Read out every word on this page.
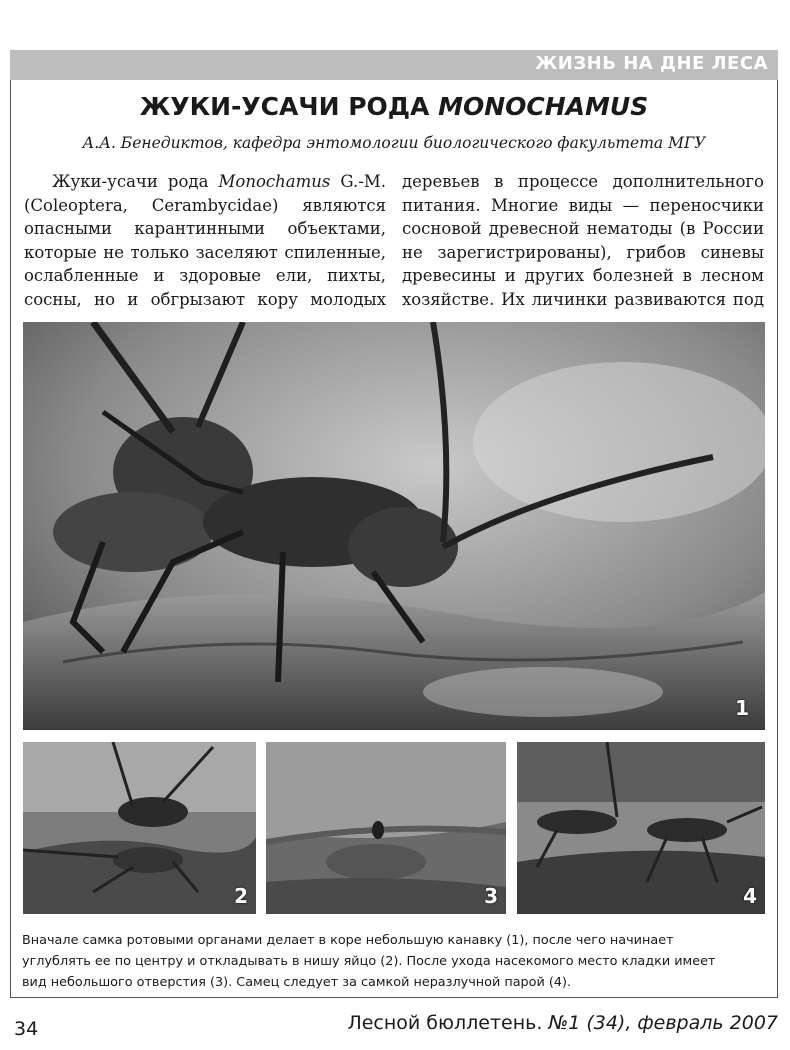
ЖИЗНЬ НА ДНЕ ЛЕСА
ЖУКИ-УСАЧИ РОДА MONOCHAMUS
А.А. Бенедиктов, кафедра энтомологии биологического факультета МГУ
Жуки-усачи рода Monochamus G.-M.
(Coleoptera, Cerambycidae) являются
опасными карантинными объектами,
которые не только заселяют спиленные,
ослабленные и здоровые ели, пихты,
сосны, но и обгрызают кору молодых
деревьев в процессе дополнительного
питания. Многие виды — переносчики
сосновой древесной нематоды (в России
не зарегистрированы), грибов синевы
древесины и других болезней в лесном
хозяйстве. Их личинки развиваются под
1
2	3	4
Вначале самка ротовыми органами делает в коре небольшую канавку (1), после чего начинает
углублять ее по центру и откладывать в нишу яйцо (2). После ухода насекомого место кладки имеет
вид небольшого отверстия (3). Самец следует за самкой неразлучной парой (4).
34	Лесной бюллетень. №1 (34), февраль 2007
